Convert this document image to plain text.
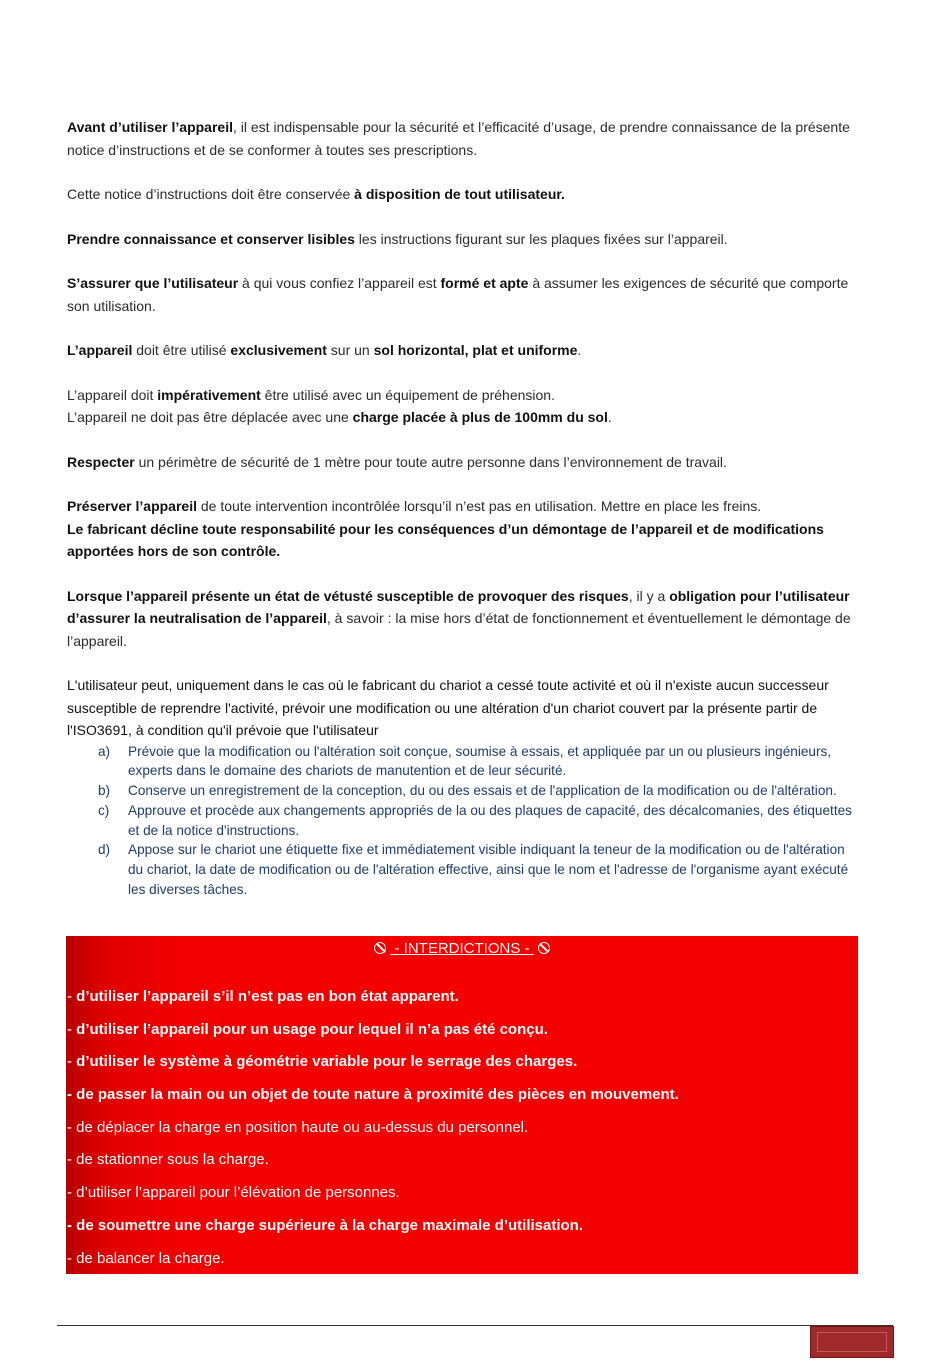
Avant d’utiliser l’appareil, il est indispensable pour la sécurité et l’efficacité d’usage, de prendre connaissance de la présente notice d’instructions et de se conformer à toutes ses prescriptions.

Cette notice d’instructions doit être conservée à disposition de tout utilisateur.

Prendre connaissance et conserver lisibles les instructions figurant sur les plaques fixées sur l’appareil.

S’assurer que l’utilisateur à qui vous confiez l’appareil est formé et apte à assumer les exigences de sécurité que comporte son utilisation.

L’appareil doit être utilisé exclusivement sur un sol horizontal, plat et uniforme.

L’appareil doit impérativement être utilisé avec un équipement de préhension.

L’appareil ne doit pas être déplacée avec une charge placée à plus de 100mm du sol.

Respecter un périmètre de sécurité de 1 mètre pour toute autre personne dans l’environnement de travail.

Préserver l’appareil de toute intervention incontrôlée lorsqu’il n’est pas en utilisation. Mettre en place les freins.

Le fabricant décline toute responsabilité pour les conséquences d’un démontage de l’appareil et de modifications apportées hors de son contrôle.

Lorsque l’appareil présente un état de vétusté susceptible de provoquer des risques, il y a obligation pour l’utilisateur d’assurer la neutralisation de l’appareil, à savoir : la mise hors d’état de fonctionnement et éventuellement le démontage de l’appareil.

L'utilisateur peut, uniquement dans le cas où le fabricant du chariot a cessé toute activité et où il n'existe aucun successeur susceptible de reprendre l'activité, prévoir une modification ou une altération d'un chariot couvert par la présente partir de l'ISO3691, à condition qu'il prévoie que l'utilisateur

a) Prévoie que la modification ou l'altération soit conçue, soumise à essais, et appliquée par un ou plusieurs ingénieurs, experts dans le domaine des chariots de manutention et de leur sécurité.
b) Conserve un enregistrement de la conception, du ou des essais et de l'application de la modification ou de l'altération.
c) Approuve et procède aux changements appropriés de la ou des plaques de capacité, des décalcomanies, des étiquettes et de la notice d'instructions.
d) Appose sur le chariot une étiquette fixe et immédiatement visible indiquant la teneur de la modification ou de l'altération du chariot, la date de modification ou de l'altération effective, ainsi que le nom et l'adresse de l'organisme ayant exécuté les diverses tâches.
- INTERDICTIONS -
- d’utiliser l’appareil s’il n’est pas en bon état apparent.
- d’utiliser l’appareil pour un usage pour lequel il n’a pas été conçu.
- d’utiliser le système à géométrie variable pour le serrage des charges.
- de passer la main ou un objet de toute nature à proximité des pièces en mouvement.
- de déplacer la charge en position haute ou au-dessus du personnel.
- de stationner sous la charge.
- d’utiliser l’appareil pour l’élévation de personnes.
- de soumettre une charge supérieure à la charge maximale d’utilisation.
- de balancer la charge.
